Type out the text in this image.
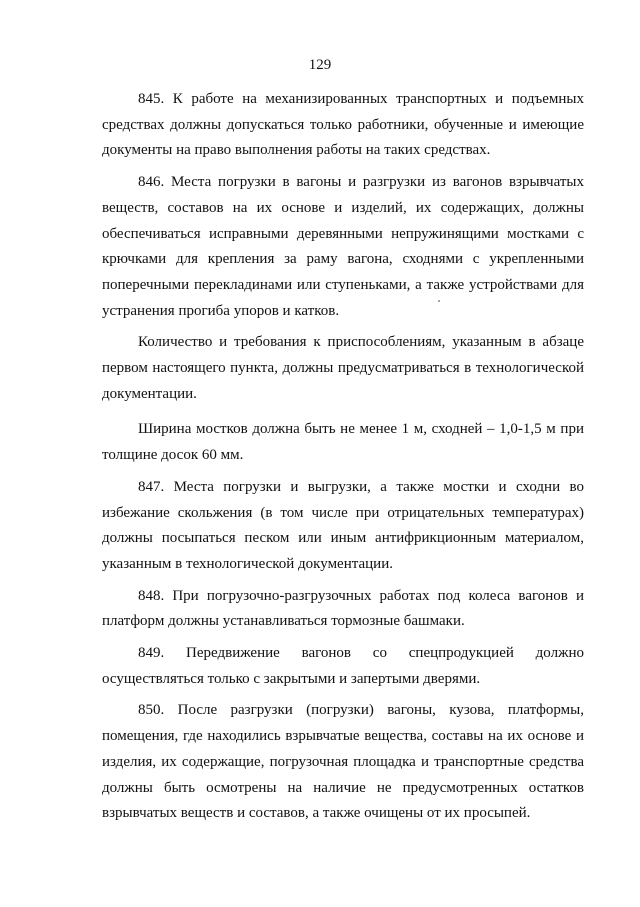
129

845. К работе на механизированных транспортных и подъемных средствах должны допускаться только работники, обученные и имеющие документы на право выполнения работы на таких средствах.

846. Места погрузки в вагоны и разгрузки из вагонов взрывчатых веществ, составов на их основе и изделий, их содержащих, должны обеспечиваться исправными деревянными непружинящими мостками с крючками для крепления за раму вагона, сходнями с укрепленными поперечными перекладинами или ступеньками, а также устройствами для устранения прогиба упоров и катков.

Количество и требования к приспособлениям, указанным в абзаце первом настоящего пункта, должны предусматриваться в технологической документации.

Ширина мостков должна быть не менее 1 м, сходней – 1,0-1,5 м при толщине досок 60 мм.

847. Места погрузки и выгрузки, а также мостки и сходни во избежание скольжения (в том числе при отрицательных температурах) должны посыпаться песком или иным антифрикционным материалом, указанным в технологической документации.

848. При погрузочно-разгрузочных работах под колеса вагонов и платформ должны устанавливаться тормозные башмаки.

849. Передвижение вагонов со спецпродукцией должно осуществляться только с закрытыми и запертыми дверями.

850. После разгрузки (погрузки) вагоны, кузова, платформы, помещения, где находились взрывчатые вещества, составы на их основе и изделия, их содержащие, погрузочная площадка и транспортные средства должны быть осмотрены на наличие не предусмотренных остатков взрывчатых веществ и составов, а также очищены от их просыпей.
